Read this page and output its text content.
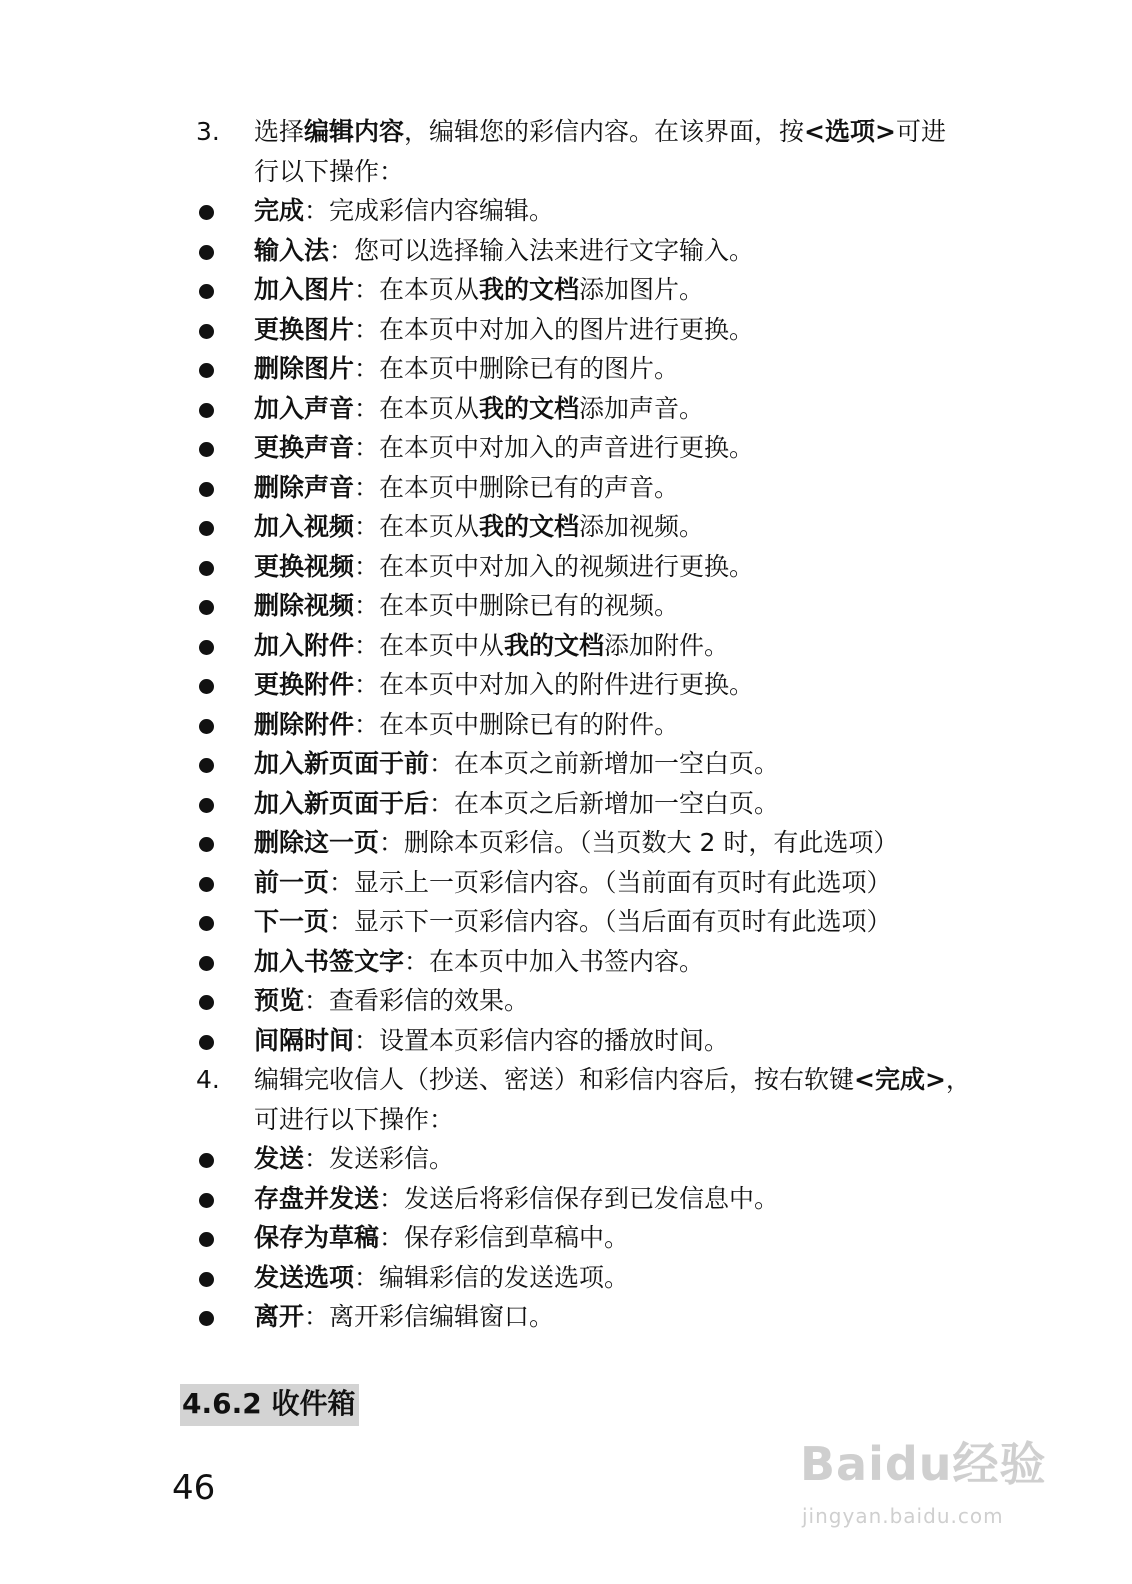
3.	选择编辑内容，编辑您的彩信内容。在该界面，按<选项>可进
行以下操作：
完成：完成彩信内容编辑。
输入法：您可以选择输入法来进行文字输入。
加入图片：在本页从我的文档添加图片。
更换图片：在本页中对加入的图片进行更换。
删除图片：在本页中删除已有的图片。
加入声音：在本页从我的文档添加声音。
更换声音：在本页中对加入的声音进行更换。
删除声音：在本页中删除已有的声音。
加入视频：在本页从我的文档添加视频。
更换视频：在本页中对加入的视频进行更换。
删除视频：在本页中删除已有的视频。
加入附件：在本页中从我的文档添加附件。
更换附件：在本页中对加入的附件进行更换。
删除附件：在本页中删除已有的附件。
加入新页面于前：在本页之前新增加一空白页。
加入新页面于后：在本页之后新增加一空白页。
删除这一页：删除本页彩信。（当页数大 2 时，有此选项）
前一页：显示上一页彩信内容。（当前面有页时有此选项）
下一页：显示下一页彩信内容。（当后面有页时有此选项）
加入书签文字：在本页中加入书签内容。
预览：查看彩信的效果。
间隔时间：设置本页彩信内容的播放时间。
4.	编辑完收信人（抄送、密送）和彩信内容后，按右软键<完成>，
可进行以下操作：
发送：发送彩信。
存盘并发送：发送后将彩信保存到已发信息中。
保存为草稿：保存彩信到草稿中。
发送选项：编辑彩信的发送选项。
离开：离开彩信编辑窗口。
4.6.2 收件箱
46	Baidu经验
jingyan.baidu.com
